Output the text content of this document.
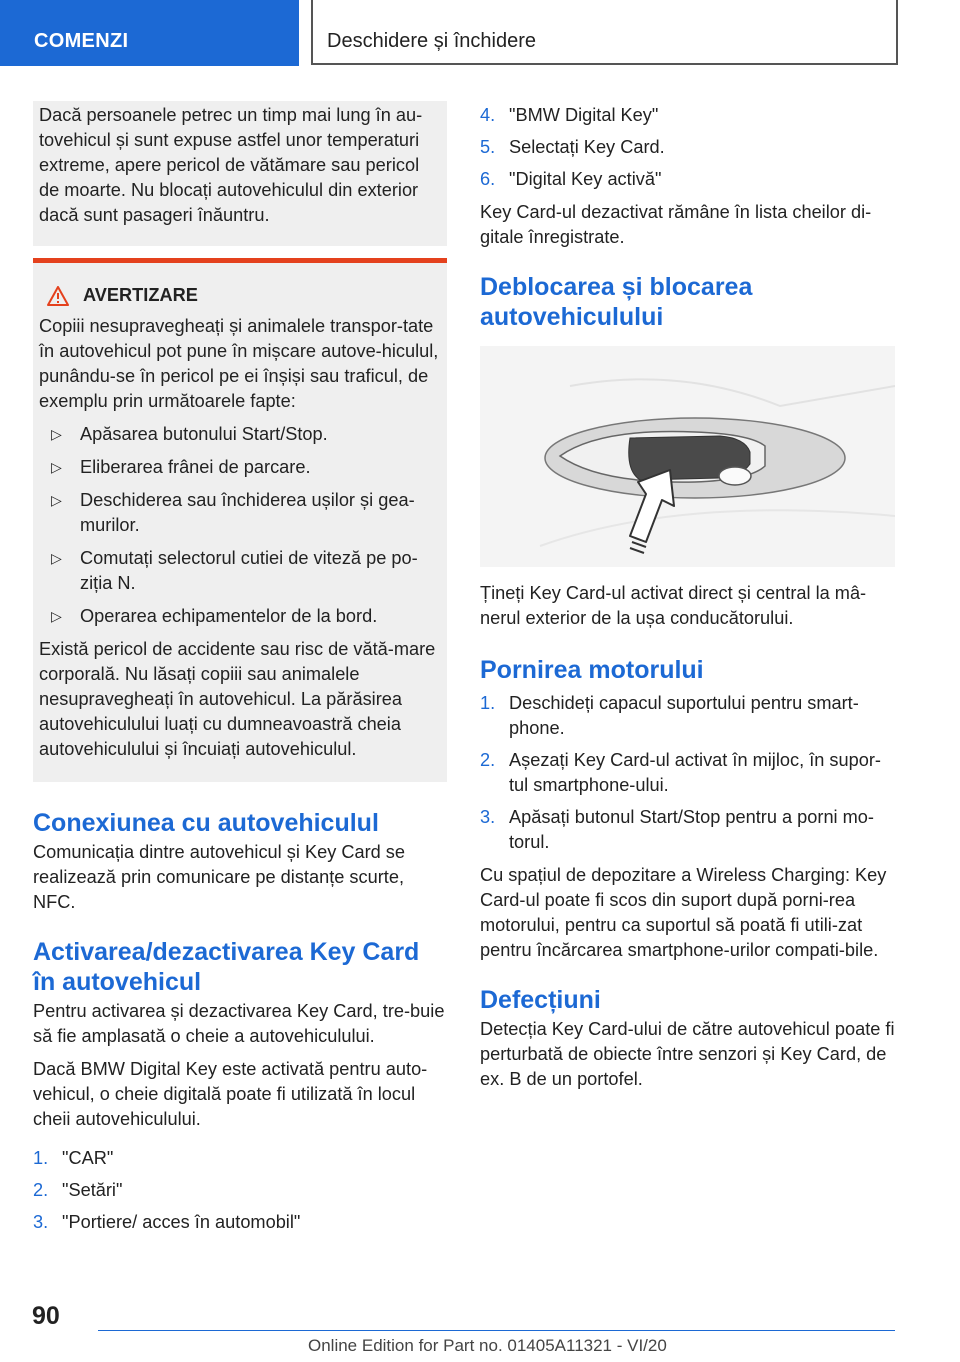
COMENZI	Deschidere și închidere

Dacă persoanele petrec un timp mai lung în au-tovehicul și sunt expuse astfel unor temperaturi extreme, apere pericol de vătămare sau pericol de moarte. Nu blocați autovehiculul din exterior dacă sunt pasageri înăuntru.

AVERTIZARE

Copiii nesupravegheați și animalele transpor-tate în autovehicul pot pune în mișcare autove-hiculul, punându-se în pericol pe ei înșiși sau traficul, de exemplu prin următoarele fapte:

▷ Apăsarea butonului Start/Stop.
▷ Eliberarea frânei de parcare.
▷ Deschiderea sau închiderea ușilor și gea-murilor.
▷ Comutați selectorul cutiei de viteză pe po-ziția N.
▷ Operarea echipamentelor de la bord.

Există pericol de accidente sau risc de vătă-mare corporală. Nu lăsați copiii sau animalele nesupravegheați în autovehicul. La părăsirea autovehiculului luați cu dumneavoastră cheia autovehiculului și încuiați autovehiculul.

Conexiunea cu autovehiculul

Comunicația dintre autovehicul și Key Card se realizează prin comunicare pe distanțe scurte, NFC.

Activarea/dezactivarea Key Card în autovehicul

Pentru activarea și dezactivarea Key Card, tre-buie să fie amplasată o cheie a autovehiculului.

Dacă BMW Digital Key este activată pentru auto-vehicul, o cheie digitală poate fi utilizată în locul cheii autovehiculului.

1. "CAR"
2. "Setări"
3. "Portiere/ acces în automobil"
4. "BMW Digital Key"
5. Selectați Key Card.
6. "Digital Key activă"

Key Card-ul dezactivat rămâne în lista cheilor di-gitale înregistrate.

Deblocarea și blocarea autovehiculului

Țineți Key Card-ul activat direct și central la mâ-nerul exterior de la ușa conducătorului.

Pornirea motorului
1. Deschideți capacul suportului pentru smart-phone.
2. Așezați Key Card-ul activat în mijloc, în supor-tul smartphone-ului.
3. Apăsați butonul Start/Stop pentru a porni mo-torul.

Cu spațiul de depozitare a Wireless Charging: Key Card-ul poate fi scos din suport după porni-rea motorului, pentru ca suportul să poată fi utili-zat pentru încărcarea smartphone-urilor compati-bile.

Defecțiuni

Detecția Key Card-ului de către autovehicul poate fi perturbată de obiecte între senzori și Key Card, de ex. B de un portofel.

90
Online Edition for Part no. 01405A11321 - VI/20
